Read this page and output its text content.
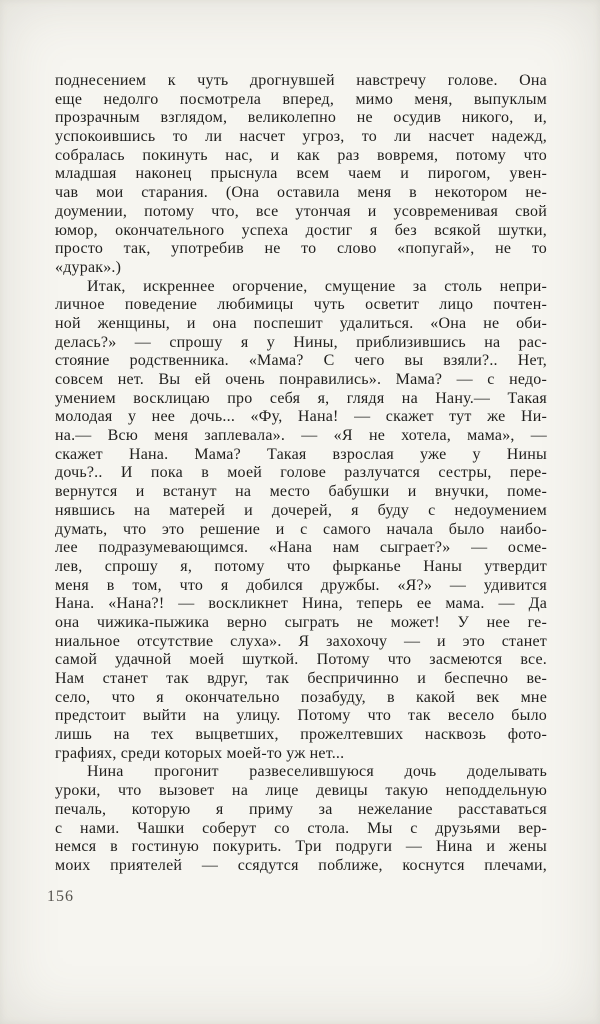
поднесением к чуть дрогнувшей навстречу голове. Она
еще недолго посмотрела вперед, мимо меня, выпуклым
прозрачным взглядом, великолепно не осудив никого, и,
успокоившись то ли насчет угроз, то ли насчет надежд,
собралась покинуть нас, и как раз вовремя, потому что
младшая наконец прыснула всем чаем и пирогом, увен-
чав мои старания. (Она оставила меня в некотором не-
доумении, потому что, все утончая и усовременивая свой
юмор, окончательного успеха достиг я без всякой шутки,
просто так, употребив не то слово «попугай», не то
«дурак».)
Итак, искреннее огорчение, смущение за столь непри-
личное поведение любимицы чуть осветит лицо почтен-
ной женщины, и она поспешит удалиться. «Она не оби-
делась?» — спрошу я у Нины, приблизившись на рас-
стояние родственника. «Мама? С чего вы взяли?.. Нет,
совсем нет. Вы ей очень понравились». Мама? — с недо-
умением восклицаю про себя я, глядя на Нану.— Такая
молодая у нее дочь... «Фу, Нана! — скажет тут же Ни-
на.— Всю меня заплевала». — «Я не хотела, мама», —
скажет Нана. Мама? Такая взрослая уже у Нины
дочь?.. И пока в моей голове разлучатся сестры, пере-
вернутся и встанут на место бабушки и внучки, поме-
нявшись на матерей и дочерей, я буду с недоумением
думать, что это решение и с самого начала было наибо-
лее подразумевающимся. «Нана нам сыграет?» — осме-
лев, спрошу я, потому что фырканье Наны утвердит
меня в том, что я добился дружбы. «Я?» — удивится
Нана. «Нана?! — воскликнет Нина, теперь ее мама. — Да
она чижика-пыжика верно сыграть не может! У нее ге-
ниальное отсутствие слуха». Я захохочу — и это станет
самой удачной моей шуткой. Потому что засмеются все.
Нам станет так вдруг, так беспричинно и беспечно ве-
село, что я окончательно позабуду, в какой век мне
предстоит выйти на улицу. Потому что так весело было
лишь на тех выцветших, прожелтевших насквозь фото-
графиях, среди которых моей-то уж нет...
Нина прогонит развеселившуюся дочь доделывать
уроки, что вызовет на лице девицы такую неподдельную
печаль, которую я приму за нежелание расставаться
с нами. Чашки соберут со стола. Мы с друзьями вер-
немся в гостиную покурить. Три подруги — Нина и жены
моих приятелей — ссядутся поближе, коснутся плечами,
156
